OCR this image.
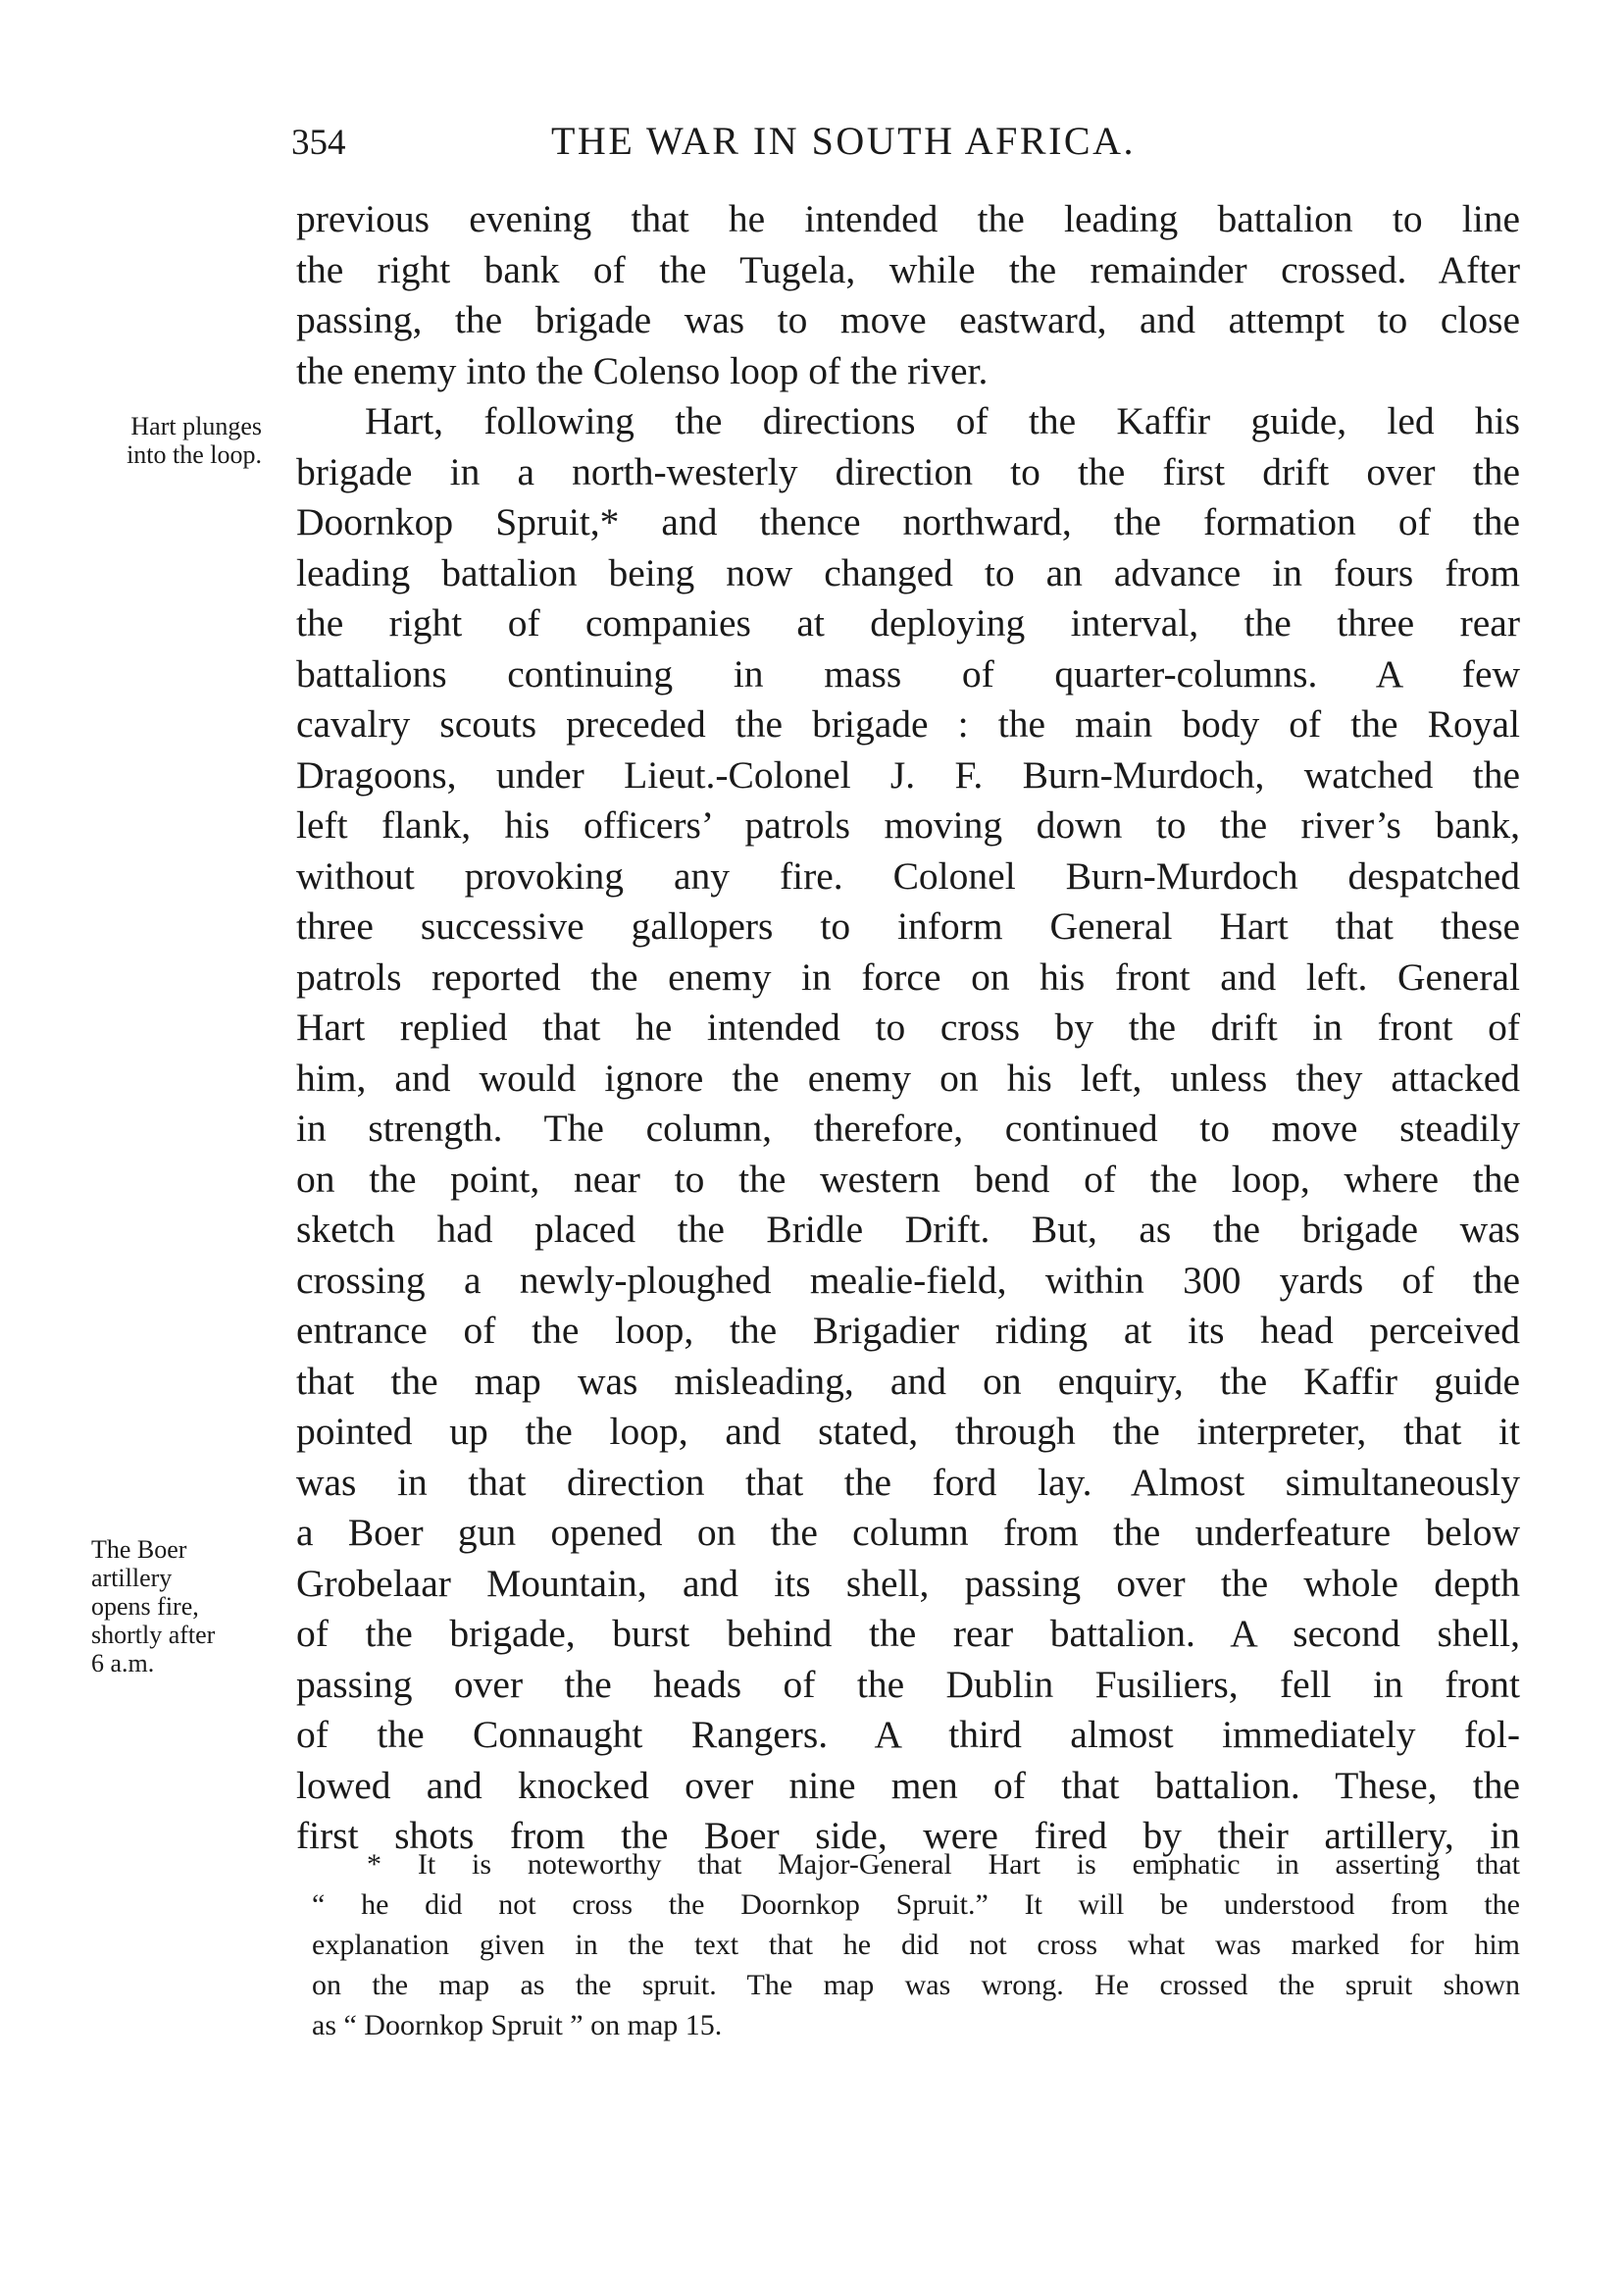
354	THE WAR IN SOUTH AFRICA.
Hart plunges
into the loop.
The Boer
artillery
opens fire,
shortly after
6 a.m.
previous evening that he intended the leading battalion to line
the right bank of the Tugela, while the remainder crossed. After
passing, the brigade was to move eastward, and attempt to close
the enemy into the Colenso loop of the river.
Hart, following the directions of the Kaffir guide, led his
brigade in a north-westerly direction to the first drift over the
Doornkop Spruit,* and thence northward, the formation of the
leading battalion being now changed to an advance in fours from
the right of companies at deploying interval, the three rear
battalions continuing in mass of quarter-columns. A few
cavalry scouts preceded the brigade : the main body of the Royal
Dragoons, under Lieut.-Colonel J. F. Burn-Murdoch, watched the
left flank, his officers’ patrols moving down to the river’s bank,
without provoking any fire. Colonel Burn-Murdoch despatched
three successive gallopers to inform General Hart that these
patrols reported the enemy in force on his front and left. General
Hart replied that he intended to cross by the drift in front of
him, and would ignore the enemy on his left, unless they attacked
in strength. The column, therefore, continued to move steadily
on the point, near to the western bend of the loop, where the
sketch had placed the Bridle Drift. But, as the brigade was
crossing a newly-ploughed mealie-field, within 300 yards of the
entrance of the loop, the Brigadier riding at its head perceived
that the map was misleading, and on enquiry, the Kaffir guide
pointed up the loop, and stated, through the interpreter, that it
was in that direction that the ford lay. Almost simultaneously
a Boer gun opened on the column from the underfeature below
Grobelaar Mountain, and its shell, passing over the whole depth
of the brigade, burst behind the rear battalion. A second shell,
passing over the heads of the Dublin Fusiliers, fell in front
of the Connaught Rangers. A third almost immediately fol-
lowed and knocked over nine men of that battalion. These, the
first shots from the Boer side, were fired by their artillery, in
* It is noteworthy that Major-General Hart is emphatic in asserting that
“ he did not cross the Doornkop Spruit.” It will be understood from the
explanation given in the text that he did not cross what was marked for him
on the map as the spruit. The map was wrong. He crossed the spruit shown
as “ Doornkop Spruit ” on map 15.
